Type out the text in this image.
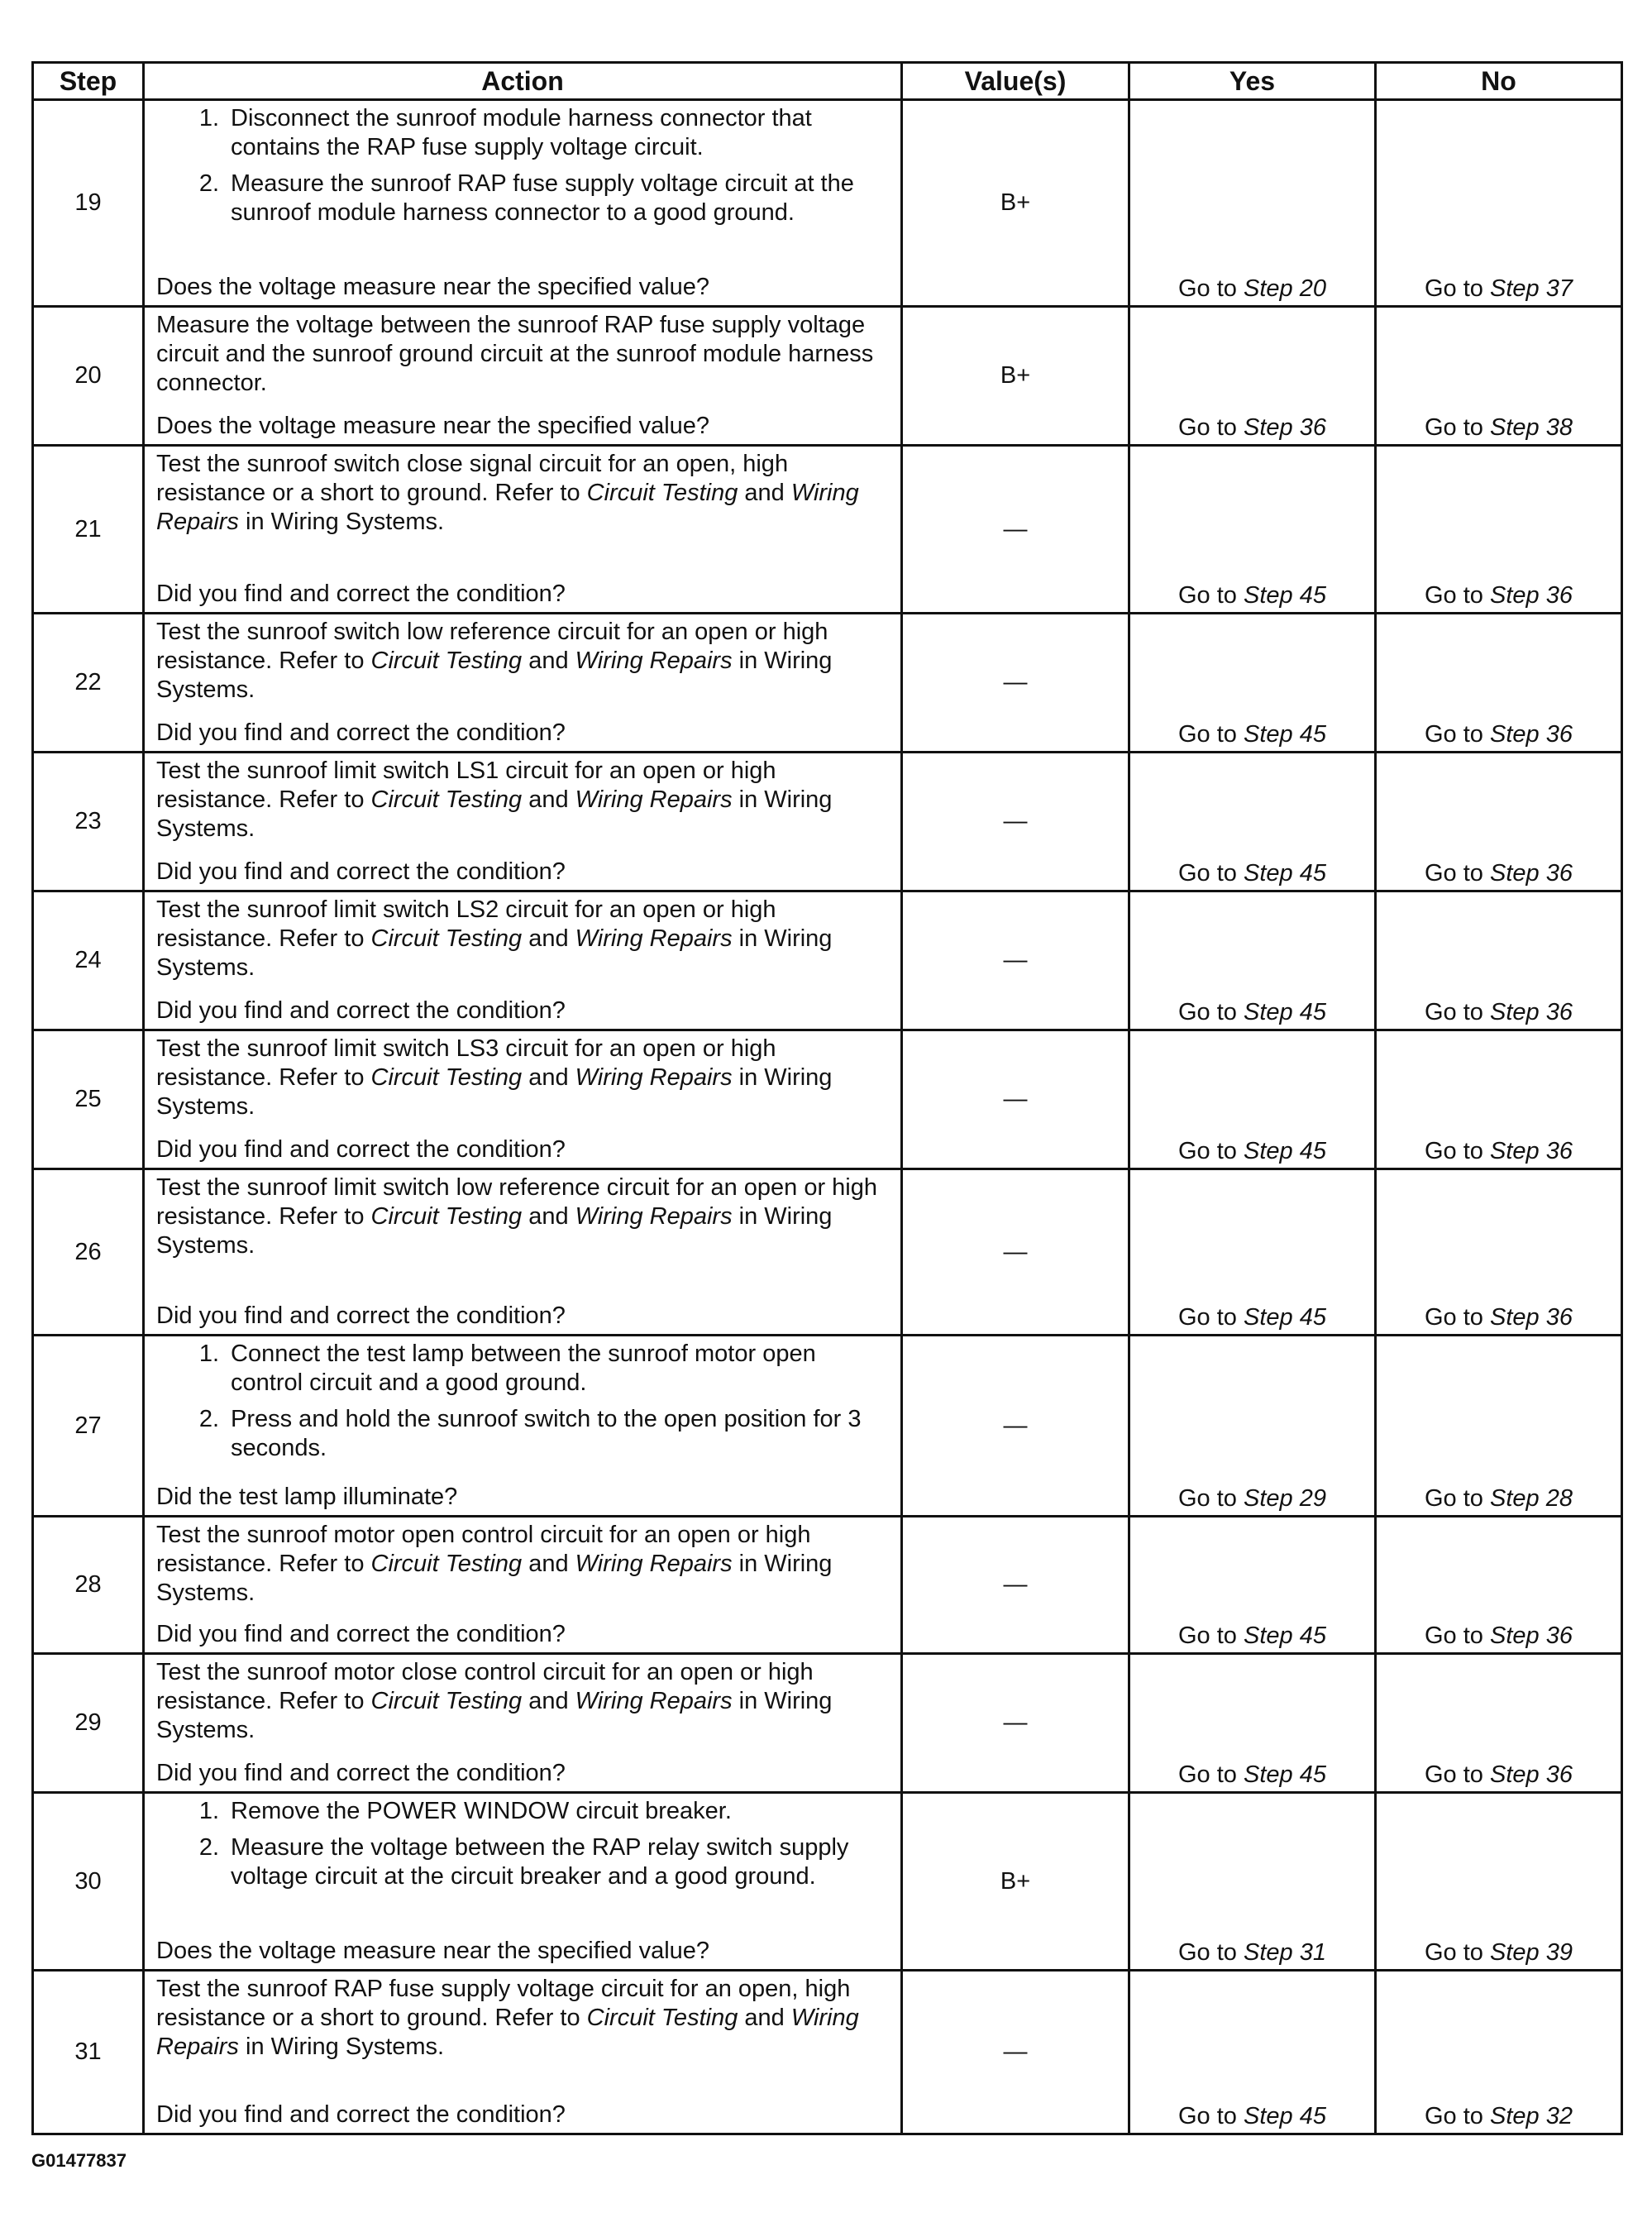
Step	Action	Value(s)	Yes	No
19	1. Disconnect the sunroof module harness connector that contains the RAP fuse supply voltage circuit.
2. Measure the sunroof RAP fuse supply voltage circuit at the sunroof module harness connector to a good ground.
Does the voltage measure near the specified value?	B+	Go to Step 20	Go to Step 37
20	Measure the voltage between the sunroof RAP fuse supply voltage circuit and the sunroof ground circuit at the sunroof module harness connector.
Does the voltage measure near the specified value?	B+	Go to Step 36	Go to Step 38
21	Test the sunroof switch close signal circuit for an open, high resistance or a short to ground. Refer to Circuit Testing and Wiring Repairs in Wiring Systems.
Did you find and correct the condition?	—	Go to Step 45	Go to Step 36
22	Test the sunroof switch low reference circuit for an open or high resistance. Refer to Circuit Testing and Wiring Repairs in Wiring Systems.
Did you find and correct the condition?	—	Go to Step 45	Go to Step 36
23	Test the sunroof limit switch LS1 circuit for an open or high resistance. Refer to Circuit Testing and Wiring Repairs in Wiring Systems.
Did you find and correct the condition?	—	Go to Step 45	Go to Step 36
24	Test the sunroof limit switch LS2 circuit for an open or high resistance. Refer to Circuit Testing and Wiring Repairs in Wiring Systems.
Did you find and correct the condition?	—	Go to Step 45	Go to Step 36
25	Test the sunroof limit switch LS3 circuit for an open or high resistance. Refer to Circuit Testing and Wiring Repairs in Wiring Systems.
Did you find and correct the condition?	—	Go to Step 45	Go to Step 36
26	Test the sunroof limit switch low reference circuit for an open or high resistance. Refer to Circuit Testing and Wiring Repairs in Wiring Systems.
Did you find and correct the condition?	—	Go to Step 45	Go to Step 36
27	1. Connect the test lamp between the sunroof motor open control circuit and a good ground.
2. Press and hold the sunroof switch to the open position for 3 seconds.
Did the test lamp illuminate?	—	Go to Step 29	Go to Step 28
28	Test the sunroof motor open control circuit for an open or high resistance. Refer to Circuit Testing and Wiring Repairs in Wiring Systems.
Did you find and correct the condition?	—	Go to Step 45	Go to Step 36
29	Test the sunroof motor close control circuit for an open or high resistance. Refer to Circuit Testing and Wiring Repairs in Wiring Systems.
Did you find and correct the condition?	—	Go to Step 45	Go to Step 36
30	1. Remove the POWER WINDOW circuit breaker.
2. Measure the voltage between the RAP relay switch supply voltage circuit at the circuit breaker and a good ground.
Does the voltage measure near the specified value?	B+	Go to Step 31	Go to Step 39
31	Test the sunroof RAP fuse supply voltage circuit for an open, high resistance or a short to ground. Refer to Circuit Testing and Wiring Repairs in Wiring Systems.
Did you find and correct the condition?	—	Go to Step 45	Go to Step 32
G01477837
